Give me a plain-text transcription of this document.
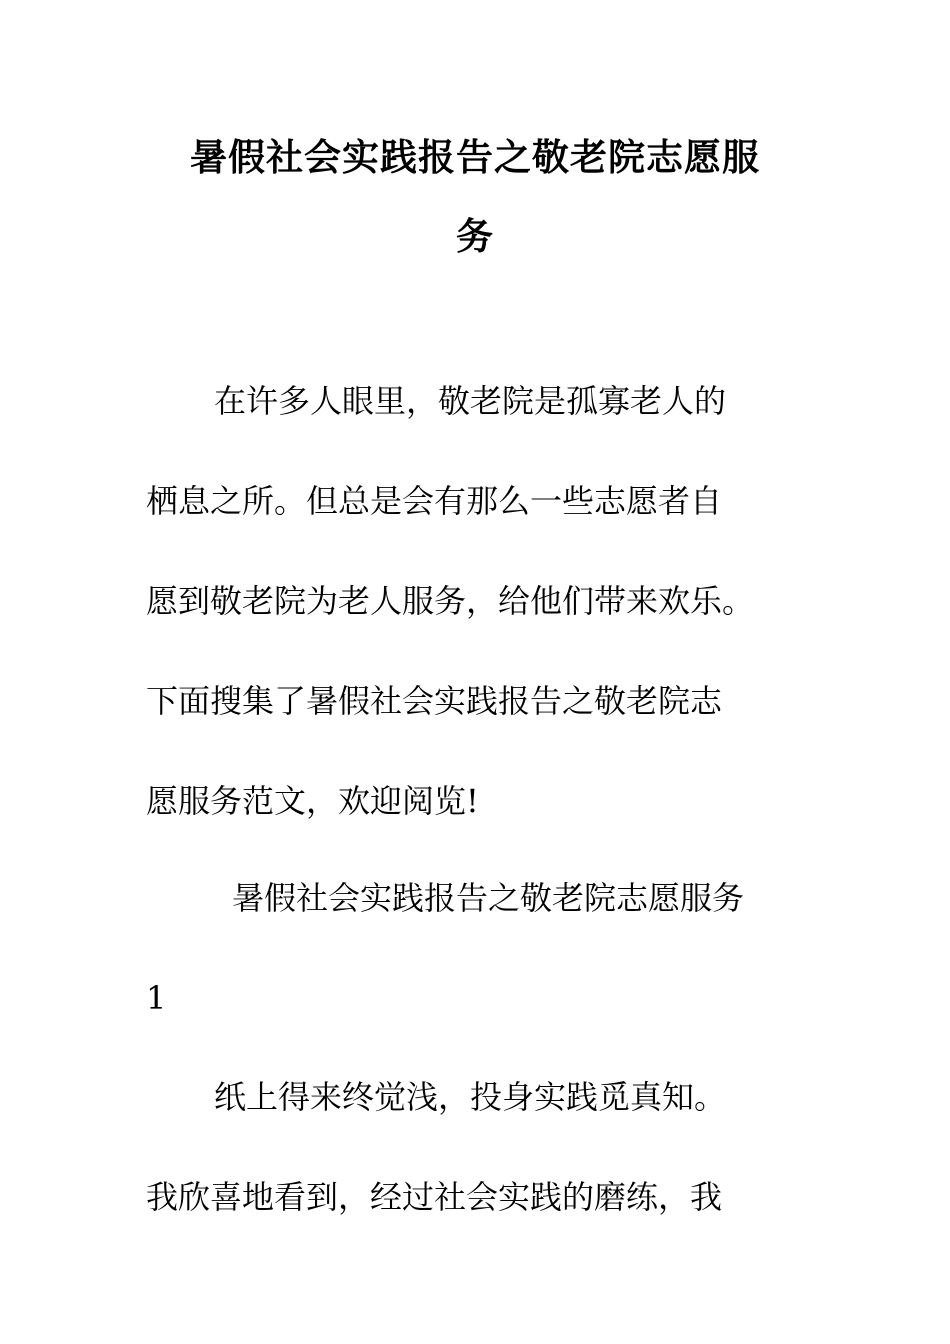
暑假社会实践报告之敬老院志愿服
务
在许多人眼里，敬老院是孤寡老人的
栖息之所。但总是会有那么一些志愿者自
愿到敬老院为老人服务，给他们带来欢乐。
下面搜集了暑假社会实践报告之敬老院志
愿服务范文，欢迎阅览!
暑假社会实践报告之敬老院志愿服务
1
纸上得来终觉浅，投身实践觅真知。
我欣喜地看到，经过社会实践的磨练，我
